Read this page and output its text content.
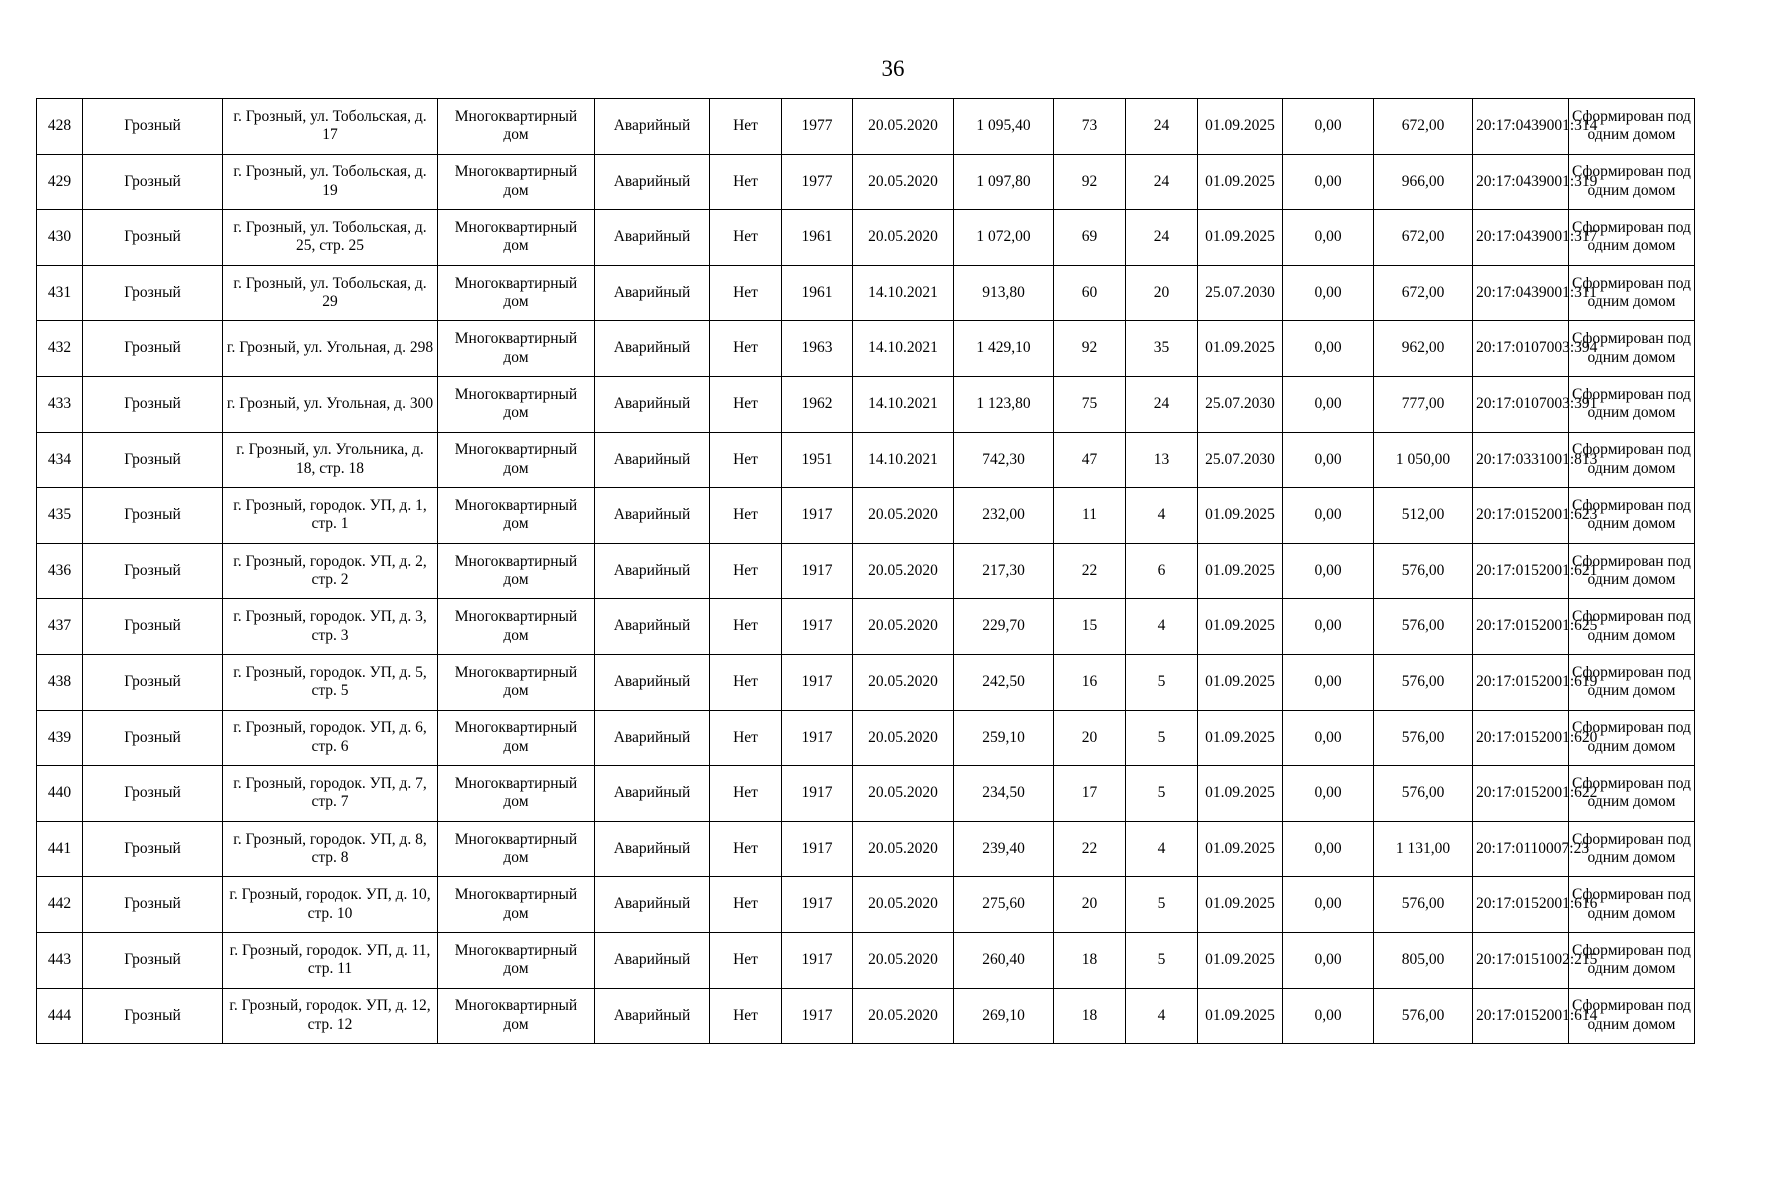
36
428	Грозный	г. Грозный, ул. Тобольская, д. 17	Многоквартирный дом	Аварийный	Нет	1977	20.05.2020	1 095,40	73	24	01.09.2025	0,00	672,00	20:17:0439001:314	Сформирован под одним домом
429	Грозный	г. Грозный, ул. Тобольская, д. 19	Многоквартирный дом	Аварийный	Нет	1977	20.05.2020	1 097,80	92	24	01.09.2025	0,00	966,00	20:17:0439001:319	Сформирован под одним домом
430	Грозный	г. Грозный, ул. Тобольская, д. 25, стр. 25	Многоквартирный дом	Аварийный	Нет	1961	20.05.2020	1 072,00	69	24	01.09.2025	0,00	672,00	20:17:0439001:317	Сформирован под одним домом
431	Грозный	г. Грозный, ул. Тобольская, д. 29	Многоквартирный дом	Аварийный	Нет	1961	14.10.2021	913,80	60	20	25.07.2030	0,00	672,00	20:17:0439001:311	Сформирован под одним домом
432	Грозный	г. Грозный, ул. Угольная, д. 298	Многоквартирный дом	Аварийный	Нет	1963	14.10.2021	1 429,10	92	35	01.09.2025	0,00	962,00	20:17:0107003:394	Сформирован под одним домом
433	Грозный	г. Грозный, ул. Угольная, д. 300	Многоквартирный дом	Аварийный	Нет	1962	14.10.2021	1 123,80	75	24	25.07.2030	0,00	777,00	20:17:0107003:391	Сформирован под одним домом
434	Грозный	г. Грозный, ул. Угольника, д. 18, стр. 18	Многоквартирный дом	Аварийный	Нет	1951	14.10.2021	742,30	47	13	25.07.2030	0,00	1 050,00	20:17:0331001:813	Сформирован под одним домом
435	Грозный	г. Грозный, городок. УП, д. 1, стр. 1	Многоквартирный дом	Аварийный	Нет	1917	20.05.2020	232,00	11	4	01.09.2025	0,00	512,00	20:17:0152001:623	Сформирован под одним домом
436	Грозный	г. Грозный, городок. УП, д. 2, стр. 2	Многоквартирный дом	Аварийный	Нет	1917	20.05.2020	217,30	22	6	01.09.2025	0,00	576,00	20:17:0152001:621	Сформирован под одним домом
437	Грозный	г. Грозный, городок. УП, д. 3, стр. 3	Многоквартирный дом	Аварийный	Нет	1917	20.05.2020	229,70	15	4	01.09.2025	0,00	576,00	20:17:0152001:625	Сформирован под одним домом
438	Грозный	г. Грозный, городок. УП, д. 5, стр. 5	Многоквартирный дом	Аварийный	Нет	1917	20.05.2020	242,50	16	5	01.09.2025	0,00	576,00	20:17:0152001:619	Сформирован под одним домом
439	Грозный	г. Грозный, городок. УП, д. 6, стр. 6	Многоквартирный дом	Аварийный	Нет	1917	20.05.2020	259,10	20	5	01.09.2025	0,00	576,00	20:17:0152001:620	Сформирован под одним домом
440	Грозный	г. Грозный, городок. УП, д. 7, стр. 7	Многоквартирный дом	Аварийный	Нет	1917	20.05.2020	234,50	17	5	01.09.2025	0,00	576,00	20:17:0152001:622	Сформирован под одним домом
441	Грозный	г. Грозный, городок. УП, д. 8, стр. 8	Многоквартирный дом	Аварийный	Нет	1917	20.05.2020	239,40	22	4	01.09.2025	0,00	1 131,00	20:17:0110007:23	Сформирован под одним домом
442	Грозный	г. Грозный, городок. УП, д. 10, стр. 10	Многоквартирный дом	Аварийный	Нет	1917	20.05.2020	275,60	20	5	01.09.2025	0,00	576,00	20:17:0152001:616	Сформирован под одним домом
443	Грозный	г. Грозный, городок. УП, д. 11, стр. 11	Многоквартирный дом	Аварийный	Нет	1917	20.05.2020	260,40	18	5	01.09.2025	0,00	805,00	20:17:0151002:215	Сформирован под одним домом
444	Грозный	г. Грозный, городок. УП, д. 12, стр. 12	Многоквартирный дом	Аварийный	Нет	1917	20.05.2020	269,10	18	4	01.09.2025	0,00	576,00	20:17:0152001:614	Сформирован под одним домом
